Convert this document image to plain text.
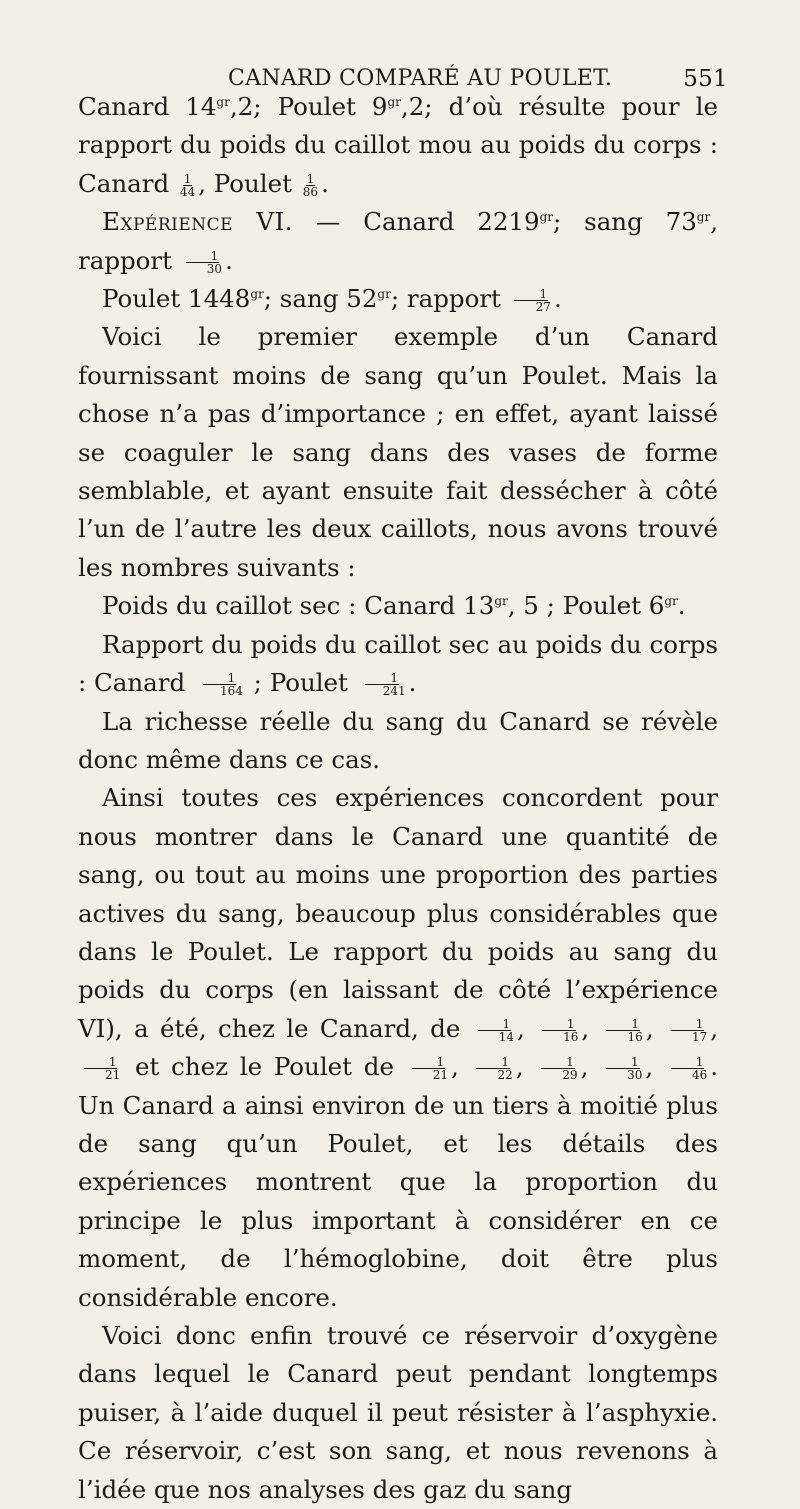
CANARD COMPARÉ AU POULET.	551

Canard $14^{gr},2$; Poulet $9^{gr},2$; d’où résulte pour le rapport du poids du caillot mou au poids du corps : Canard $\frac{1}{44}$ , Poulet $\frac{1}{86}$ .

Expérience VI. — Canard $2219^{gr}$; sang $73^{gr}$, rapport $\frac{1}{30}$ .

Poulet $1448^{gr}$; sang $52^{gr}$; rapport $\frac{1}{27}$ .

Voici le premier exemple d’un Canard fournissant moins de sang qu’un Poulet. Mais la chose n’a pas d’importance ; en effet, ayant laissé se coaguler le sang dans des vases de forme semblable, et ayant ensuite fait dessécher à côté l’un de l’autre les deux caillots, nous avons trouvé les nombres suivants :

Poids du caillot sec : Canard $13^{gr}$, 5 ; Poulet $6^{gr}$.

Rapport du poids du caillot sec au poids du corps : Canard $\frac{1}{164}$ ; Poulet $\frac{1}{241}$ .

La richesse réelle du sang du Canard se révèle donc même dans ce cas.

Ainsi toutes ces expériences concordent pour nous montrer dans le Canard une quantité de sang, ou tout au moins une proportion des parties actives du sang, beaucoup plus considérables que dans le Poulet. Le rapport du poids au sang du poids du corps (en laissant de côté l’expérience VI), a été, chez le Canard, de $\frac{1}{14}$ , $\frac{1}{16}$ , $\frac{1}{16}$ , $\frac{1}{17}$ ,
$\frac{1}{21}$ et chez le Poulet de $\frac{1}{21}$ , $\frac{1}{22}$ , $\frac{1}{29}$ , $\frac{1}{30}$ , $\frac{1}{46}$ . Un Canard a ainsi environ de un tiers à moitié plus de sang qu’un Poulet, et les détails des expériences montrent que la proportion du principe le plus important à considérer en ce moment, de l’hémoglobine, doit être plus considérable encore.

Voici donc enfin trouvé ce réservoir d’oxygène dans lequel le Canard peut pendant longtemps puiser, à l’aide duquel il peut résister à l’asphyxie. Ce réservoir, c’est son sang, et nous revenons à l’idée que nos analyses des gaz du sang
